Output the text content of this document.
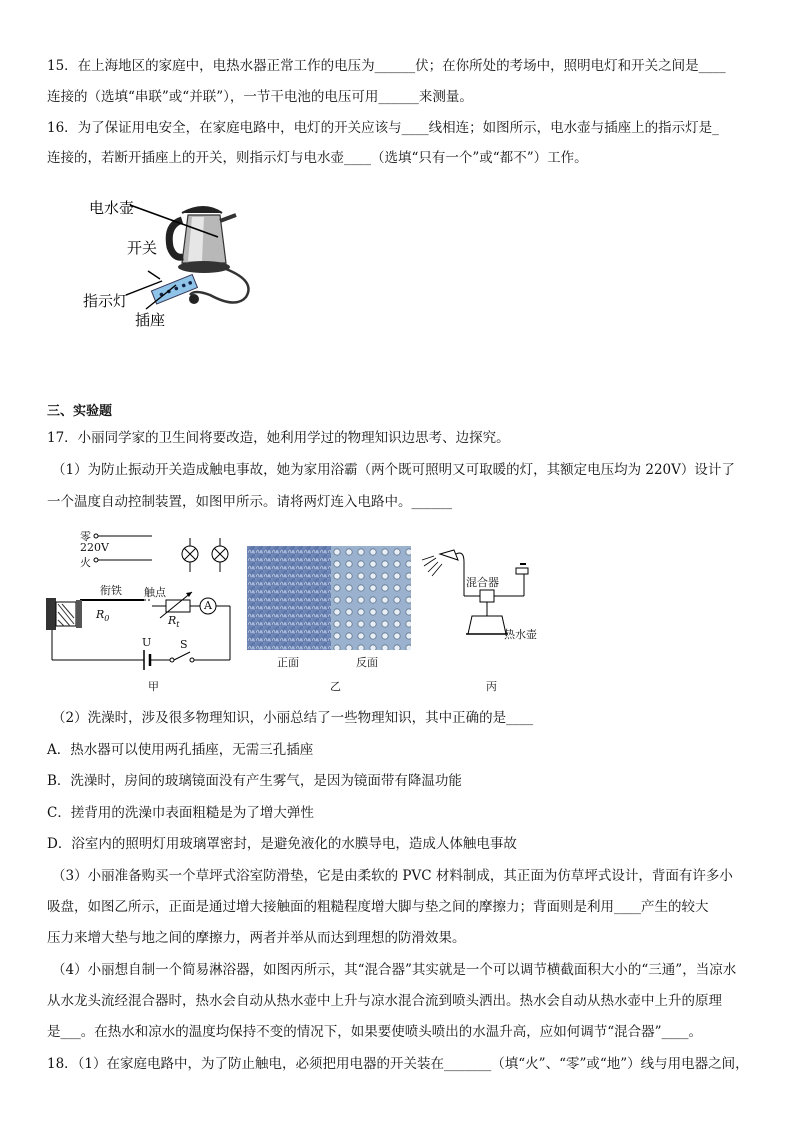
15．在上海地区的家庭中，电热水器正常工作的电压为______伏；在你所处的考场中，照明电灯和开关之间是____
连接的（选填“串联”或“并联”），一节干电池的电压可用______来测量。
16．为了保证用电安全，在家庭电路中，电灯的开关应该与____线相连；如图所示，电水壶与插座上的指示灯是_
连接的，若断开插座上的开关，则指示灯与电水壶____（选填“只有一个”或“都不”）工作。
电水壶
开关
指示灯
插座
三、实验题
17．小丽同学家的卫生间将要改造，她利用学过的物理知识边思考、边探究。
（1）为防止振动开关造成触电事故，她为家用浴霸（两个既可照明又可取暖的灯，其额定电压均为 220V）设计了
一个温度自动控制装置，如图甲所示。请将两灯连入电路中。______
零
220V
火
衔铁 触点
$R_0$	$R_t$
A
U	S
甲
正面	反面
乙
混合器
热水壶
丙
（2）洗澡时，涉及很多物理知识，小丽总结了一些物理知识，其中正确的是____
A．热水器可以使用两孔插座，无需三孔插座
B．洗澡时，房间的玻璃镜面没有产生雾气，是因为镜面带有降温功能
C．搓背用的洗澡巾表面粗糙是为了增大弹性
D．浴室内的照明灯用玻璃罩密封，是避免液化的水膜导电，造成人体触电事故
（3）小丽准备购买一个草坪式浴室防滑垫，它是由柔软的 PVC 材料制成，其正面为仿草坪式设计，背面有许多小
吸盘，如图乙所示，正面是通过增大接触面的粗糙程度增大脚与垫之间的摩擦力；背面则是利用____产生的较大
压力来增大垫与地之间的摩擦力，两者并举从而达到理想的防滑效果。
（4）小丽想自制一个简易淋浴器，如图丙所示，其“混合器”其实就是一个可以调节横截面积大小的“三通”，当凉水
从水龙头流经混合器时，热水会自动从热水壶中上升与凉水混合流到喷头洒出。热水会自动从热水壶中上升的原理
是___。在热水和凉水的温度均保持不变的情况下，如果要使喷头喷出的水温升高，应如何调节“混合器”____。
18．（1）在家庭电路中，为了防止触电，必须把用电器的开关装在_______（填“火”、“零”或“地”）线与用电器之间，
